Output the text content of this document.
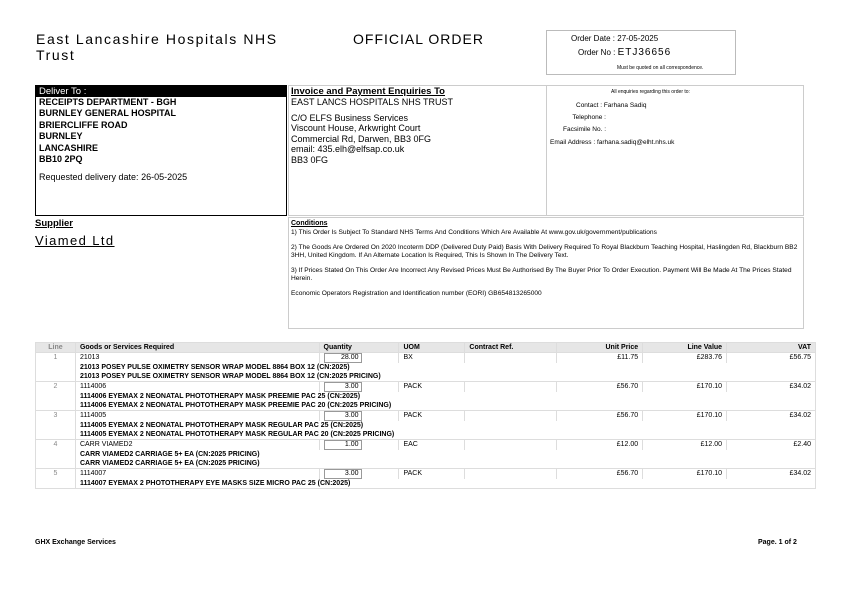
East Lancashire Hospitals NHS
Trust
OFFICIAL ORDER	Order Date : 27-05-2025
Order No : ETJ36656
Must be quoted on all correspondence.
Deliver To :
RECEIPTS DEPARTMENT - BGH
BURNLEY GENERAL HOSPITAL
BRIERCLIFFE ROAD
BURNLEY
LANCASHIRE
BB10 2PQ
Requested delivery date: 26-05-2025
Invoice and Payment Enquiries To
EAST LANCS HOSPITALS NHS TRUST
C/O ELFS Business Services
Viscount House, Arkwright Court
Commercial Rd, Darwen, BB3 0FG
email: 435.elh@elfsap.co.uk
BB3 0FG
All enquiries regarding this order to:
Contact : Farhana Sadiq
Telephone :
Facsimile No. :
Email Address : farhana.sadiq@elht.nhs.uk
Supplier
Viamed Ltd
Conditions
1) This Order Is Subject To Standard NHS Terms And Conditions Which Are Available At www.gov.uk/government/publications
2) The Goods Are Ordered On 2020 Incoterm DDP (Delivered Duty Paid) Basis With Delivery Required To Royal Blackburn Teaching Hospital, Haslingden Rd, Blackburn BB2 3HH, United Kingdom. If An Alternate Location Is Required, This Is Shown In The Delivery Text.
3) If Prices Stated On This Order Are Incorrect Any Revised Prices Must Be Authorised By The Buyer Prior To Order Execution. Payment Will Be Made At The Prices Stated Herein.
Economic Operators Registration and Identification number (EORI) GB654813265000
Line	Goods or Services Required	Quantity	UOM	Contract Ref.	Unit Price	Line Value	VAT
1	21013	28.00	BX		£11.75	£283.76	£56.75
	21013 POSEY PULSE OXIMETRY SENSOR WRAP MODEL 8864 BOX 12 (CN:2025)						
	21013 POSEY PULSE OXIMETRY SENSOR WRAP MODEL 8864 BOX 12 (CN:2025 PRICING)						
2	1114006	3.00	PACK		£56.70	£170.10	£34.02
	1114006 EYEMAX 2 NEONATAL PHOTOTHERAPY MASK PREEMIE PAC 25 (CN:2025)						
	1114006 EYEMAX 2 NEONATAL PHOTOTHERAPY MASK PREEMIE PAC 20 (CN:2025 PRICING)						
3	1114005	3.00	PACK		£56.70	£170.10	£34.02
	1114005 EYEMAX 2 NEONATAL PHOTOTHERAPY MASK REGULAR PAC 25 (CN:2025)						
	1114005 EYEMAX 2 NEONATAL PHOTOTHERAPY MASK REGULAR PAC 20 (CN:2025 PRICING)						
4	CARR VIAMED2	1.00	EAC		£12.00	£12.00	£2.40
	CARR VIAMED2 CARRIAGE 5+ EA (CN:2025 PRICING)						
	CARR VIAMED2 CARRIAGE 5+ EA (CN:2025 PRICING)						
5	1114007	3.00	PACK		£56.70	£170.10	£34.02
	1114007 EYEMAX 2 PHOTOTHERAPY EYE MASKS SIZE MICRO PAC 25 (CN:2025)						
GHX Exchange Services	Page. 1 of 2
